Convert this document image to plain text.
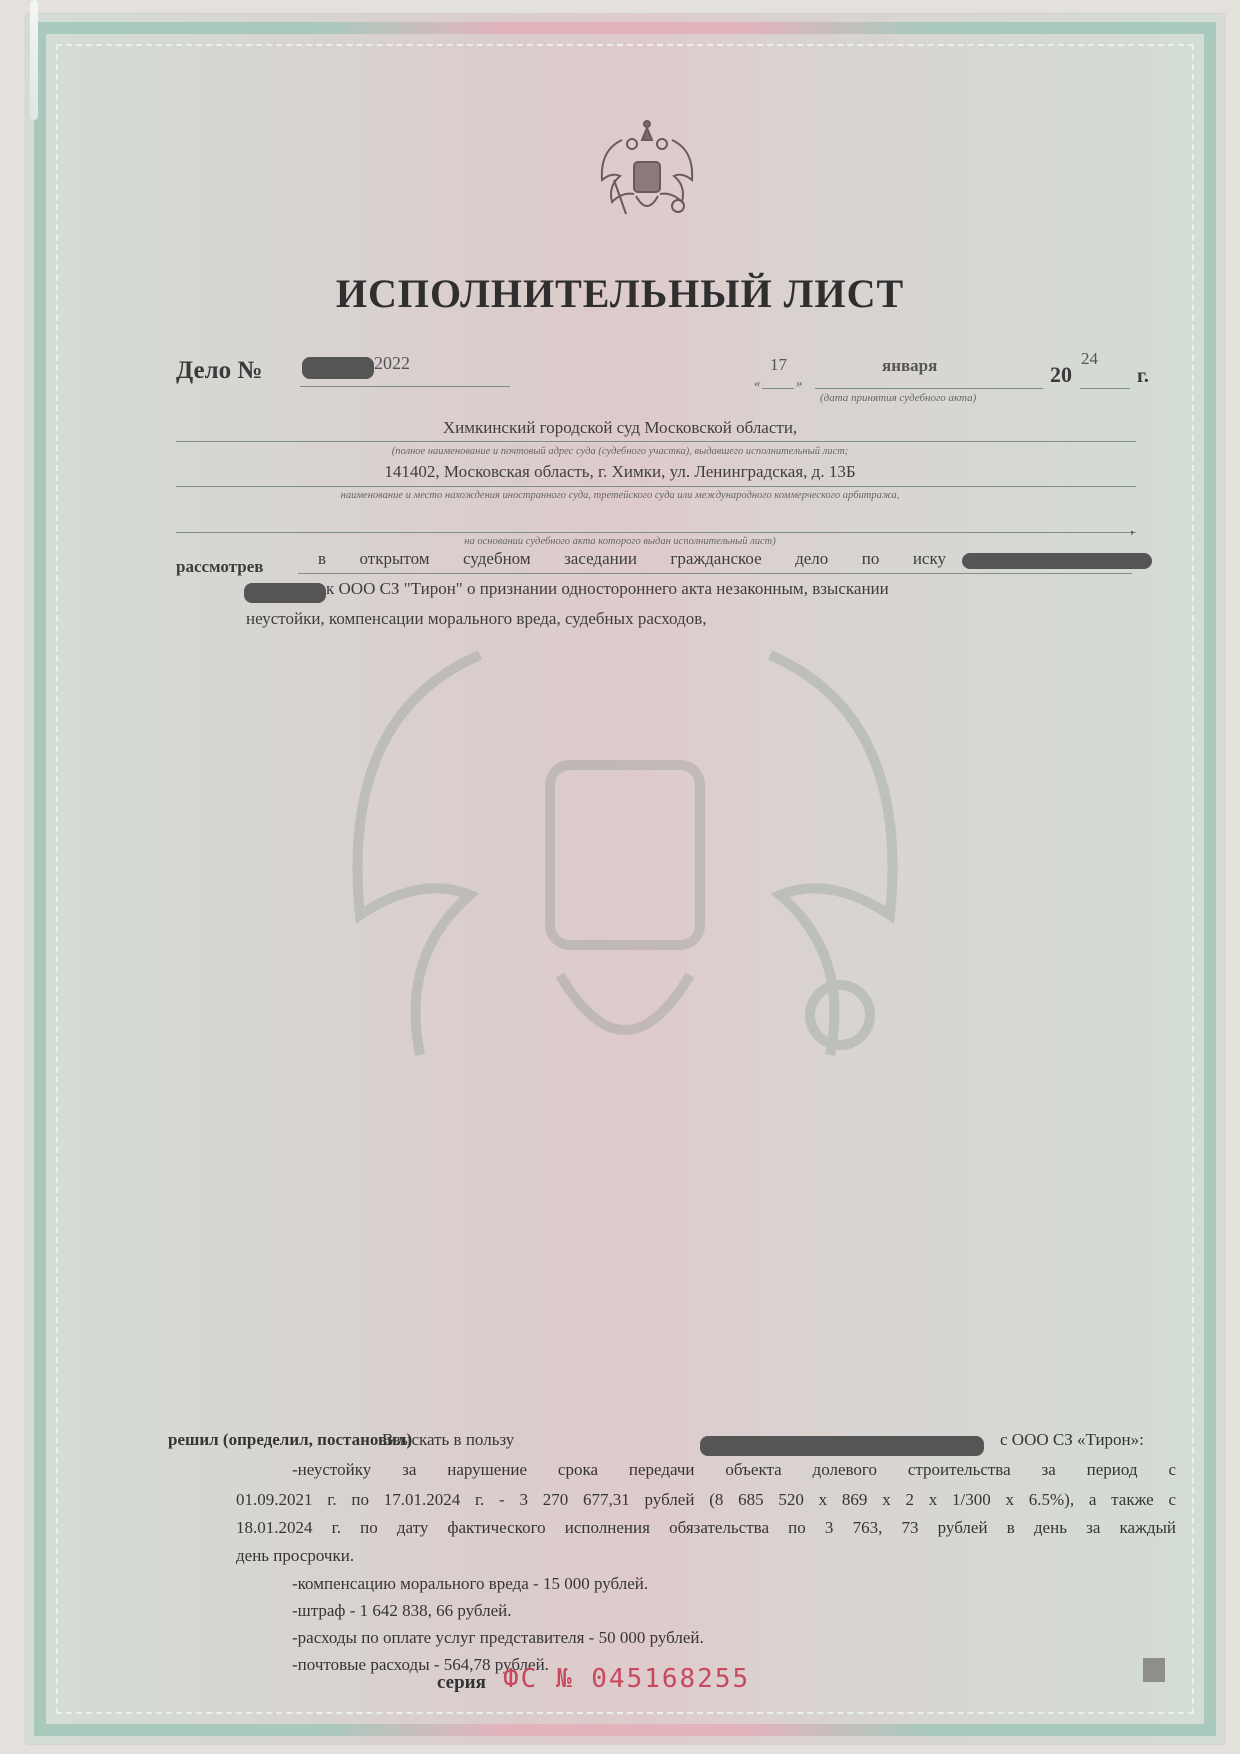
ИСПОЛНИТЕЛЬНЫЙ ЛИСТ
Дело №	2022
«
17
»
января
(дата принятия судебного акта)
20
24
г.
Химкинский городской суд Московской области,
(полное наименование и почтовый адрес суда (судебного участка), выдавшего исполнительный лист;
141402, Московская область, г. Химки, ул. Ленинградская, д. 13Б
наименование и место нахождения иностранного суда, третейского суда или международного коммерческого арбитража,
,
на основании судебного акта которого выдан исполнительный лист)
рассмотрев	в открытом судебном заседании гражданское дело по иску
к ООО СЗ "Тирон" о признании одностороннего акта незаконным, взыскании
неустойки, компенсации морального вреда, судебных расходов,
решил (определил, постановил)
Взыскать в пользу	с ООО СЗ «Тирон»:
-неустойку за нарушение срока передачи объекта долевого строительства за период с
01.09.2021 г. по 17.01.2024 г. - 3 270 677,31 рублей (8 685 520 х 869 х 2 х 1/300 х 6.5%), а также с
18.01.2024 г. по дату фактического исполнения обязательства по 3 763, 73 рублей в день за каждый
день просрочки.
-компенсацию морального вреда - 15 000 рублей.
-штраф - 1 642 838, 66 рублей.
-расходы по оплате услуг представителя - 50 000 рублей.
-почтовые расходы - 564,78 рублей.
серия ФС № 045168255
